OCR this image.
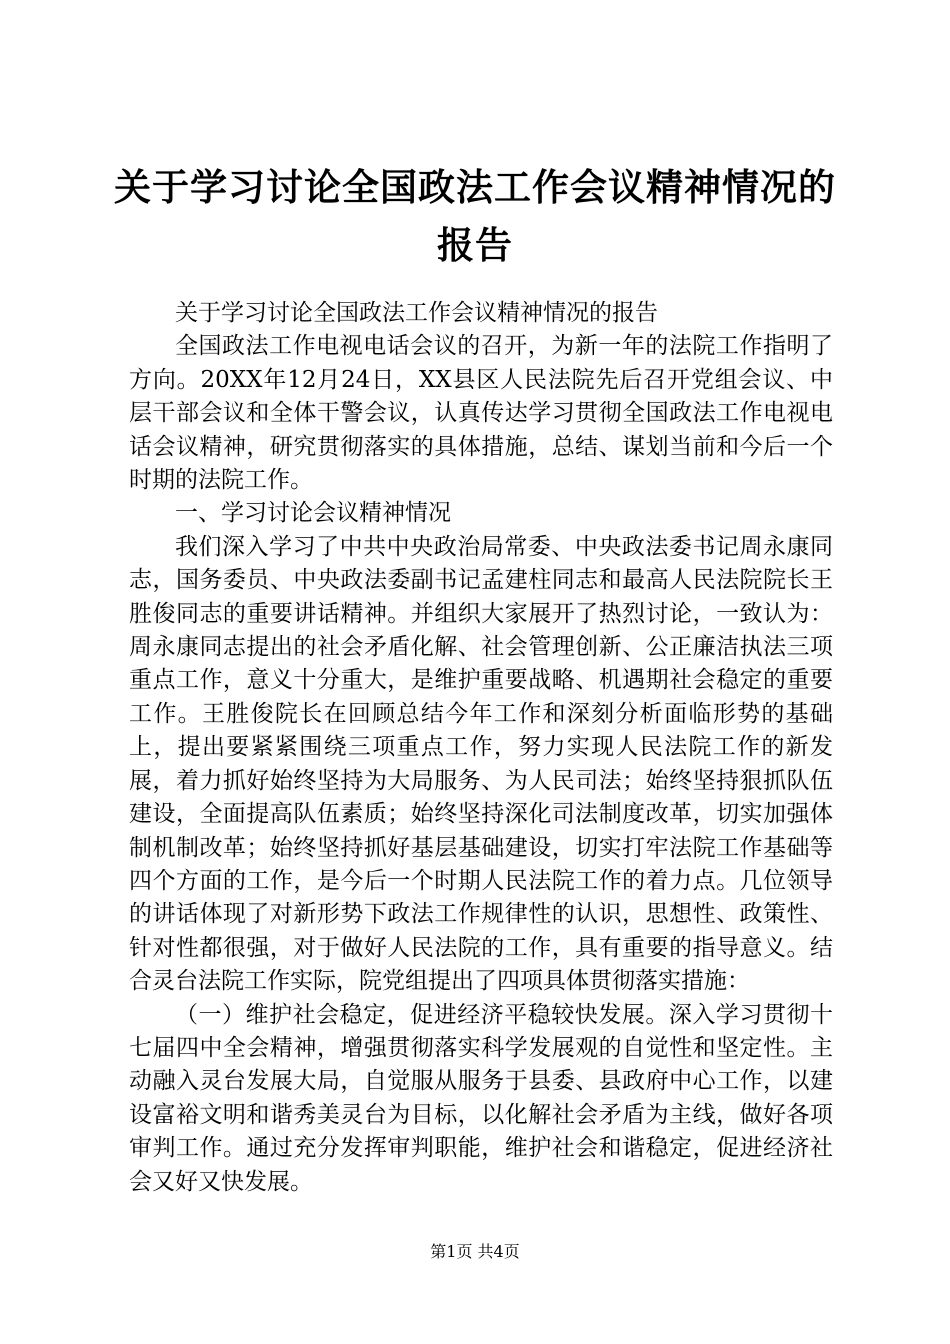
关于学习讨论全国政法工作会议精神情况的报告

关于学习讨论全国政法工作会议精神情况的报告

全国政法工作电视电话会议的召开，为新一年的法院工作指明了方向。20XX年12月24日，XX县区人民法院先后召开党组会议、中层干部会议和全体干警会议，认真传达学习贯彻全国政法工作电视电话会议精神，研究贯彻落实的具体措施，总结、谋划当前和今后一个时期的法院工作。

一、学习讨论会议精神情况

我们深入学习了中共中央政治局常委、中央政法委书记周永康同志，国务委员、中央政法委副书记孟建柱同志和最高人民法院院长王胜俊同志的重要讲话精神。并组织大家展开了热烈讨论，一致认为：周永康同志提出的社会矛盾化解、社会管理创新、公正廉洁执法三项重点工作，意义十分重大，是维护重要战略、机遇期社会稳定的重要工作。王胜俊院长在回顾总结今年工作和深刻分析面临形势的基础上，提出要紧紧围绕三项重点工作，努力实现人民法院工作的新发展，着力抓好始终坚持为大局服务、为人民司法；始终坚持狠抓队伍建设，全面提高队伍素质；始终坚持深化司法制度改革，切实加强体制机制改革；始终坚持抓好基层基础建设，切实打牢法院工作基础等四个方面的工作，是今后一个时期人民法院工作的着力点。几位领导的讲话体现了对新形势下政法工作规律性的认识，思想性、政策性、针对性都很强，对于做好人民法院的工作，具有重要的指导意义。结合灵台法院工作实际，院党组提出了四项具体贯彻落实措施：

（一）维护社会稳定，促进经济平稳较快发展。深入学习贯彻十七届四中全会精神，增强贯彻落实科学发展观的自觉性和坚定性。主动融入灵台发展大局，自觉服从服务于县委、县政府中心工作，以建设富裕文明和谐秀美灵台为目标，以化解社会矛盾为主线，做好各项审判工作。通过充分发挥审判职能，维护社会和谐稳定，促进经济社会又好又快发展。

第1页 共4页
